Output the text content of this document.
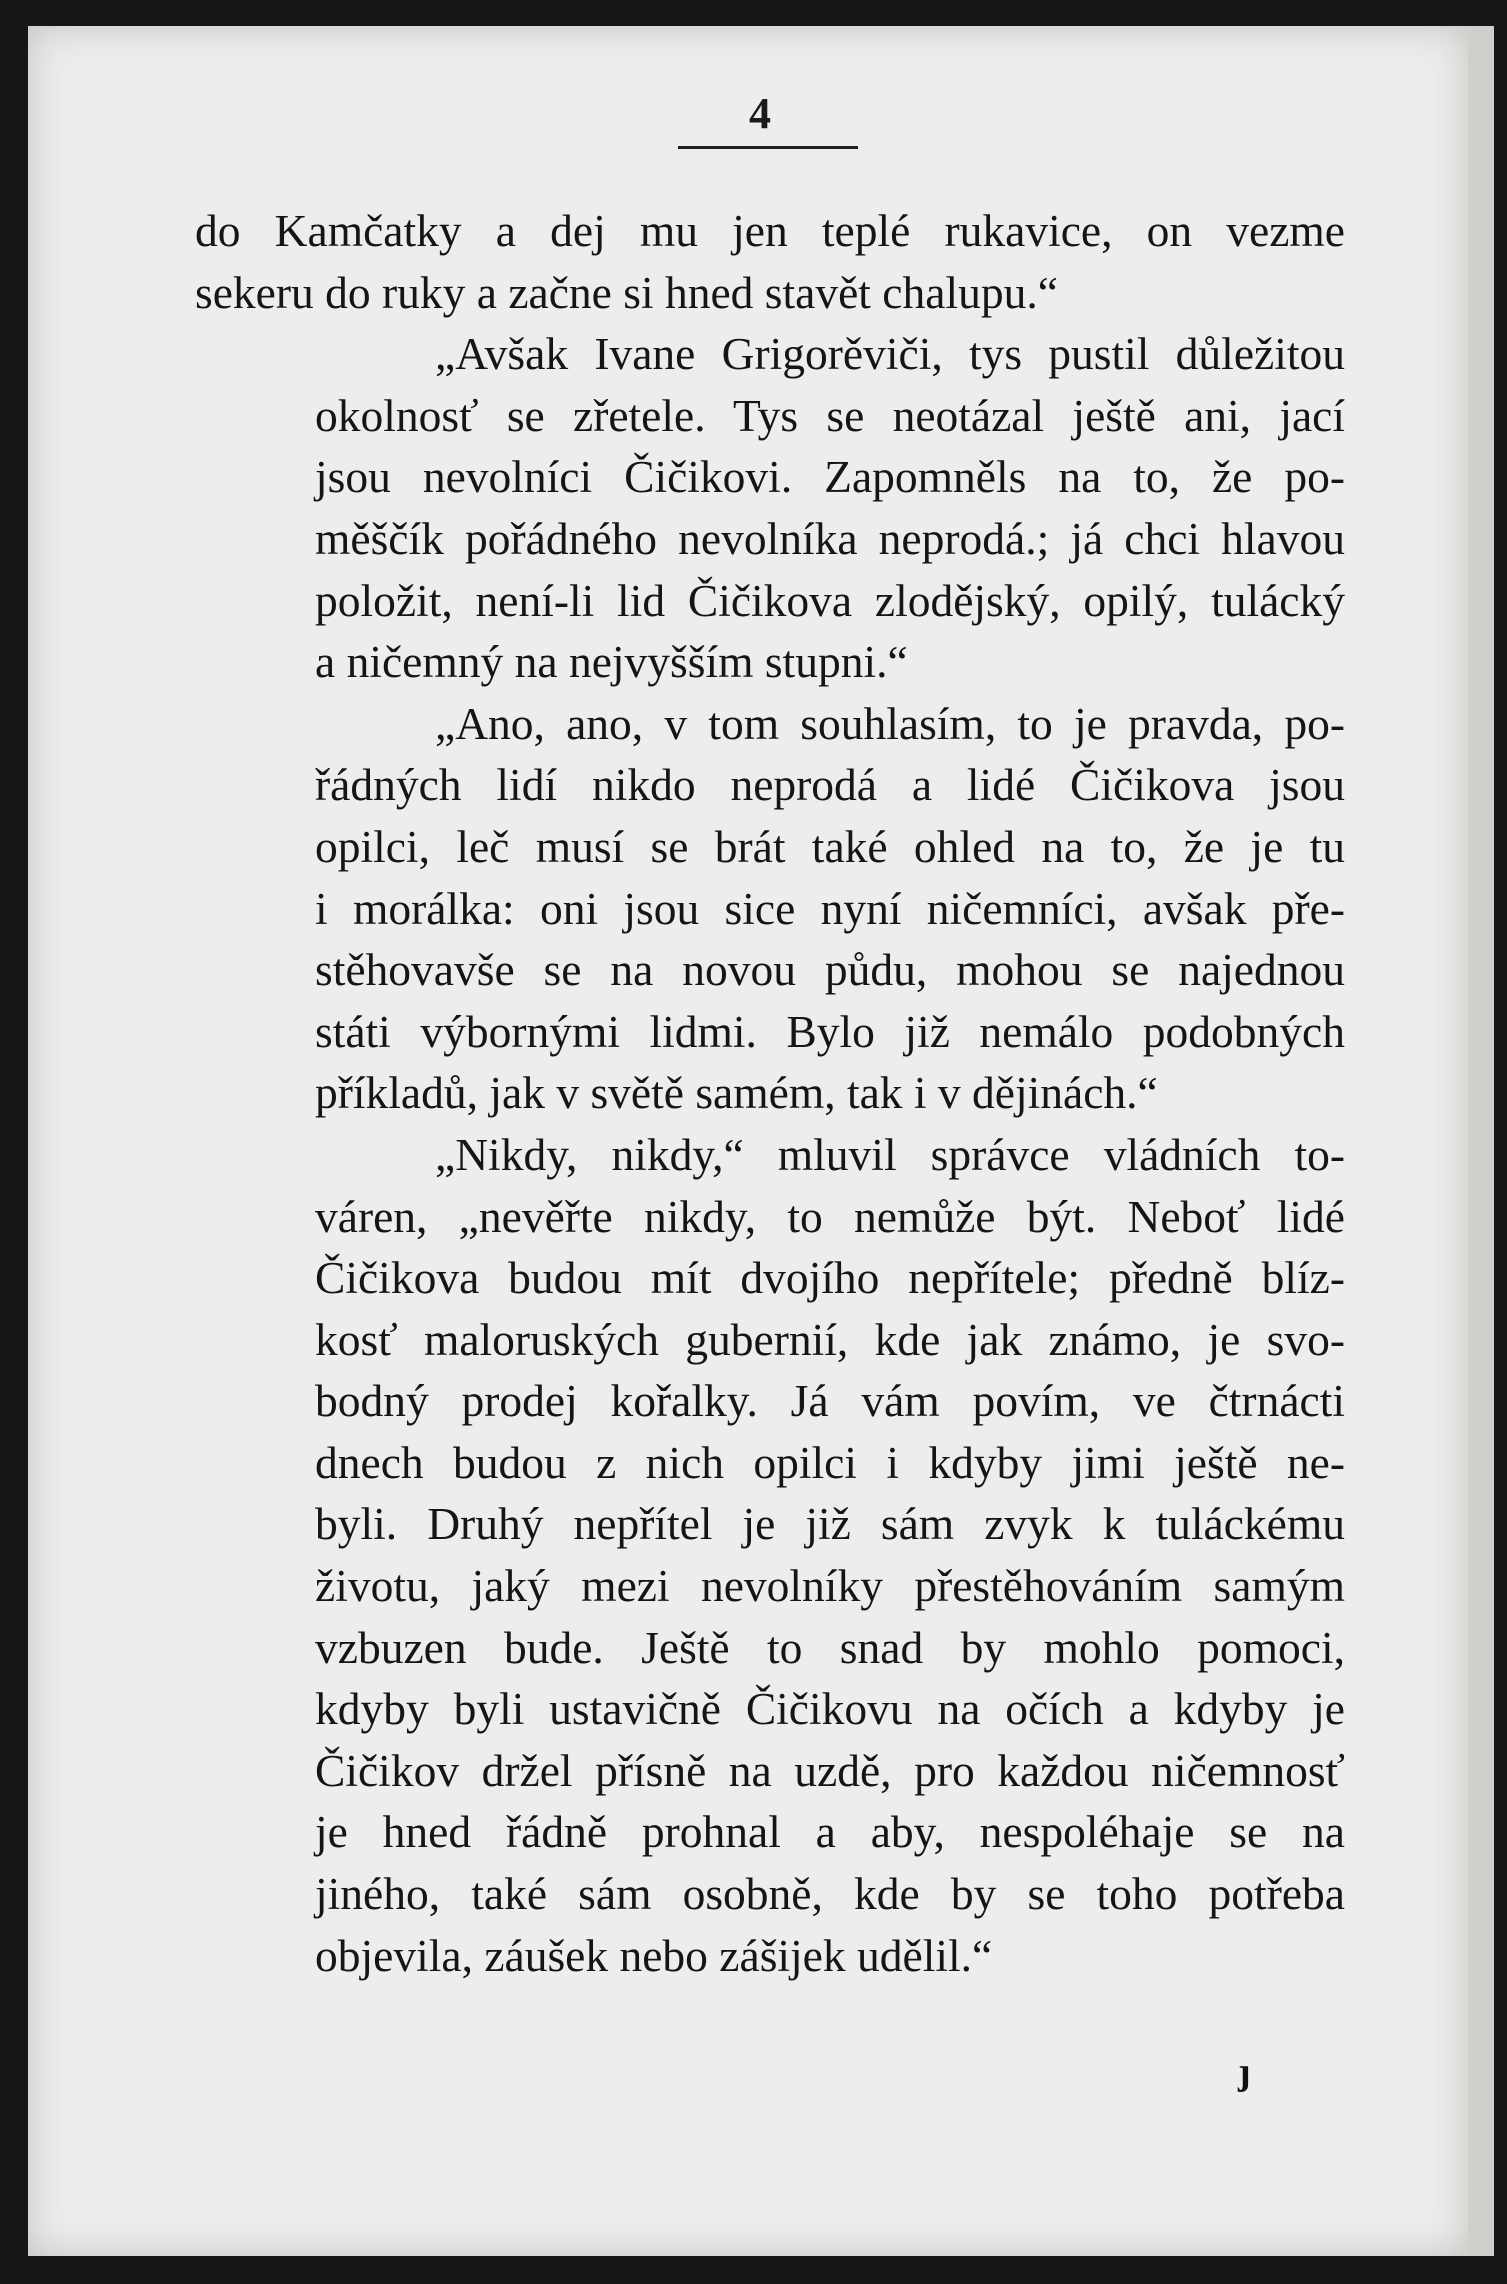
4
do Kamčatky a dej mu jen teplé rukavice, on vezme
sekeru do ruky a začne si hned stavět chalupu.“
„Avšak Ivane Grigorěviči, tys pustil důležitou
okolnosť se zřetele. Tys se neotázal ještě ani, jací
jsou nevolníci Čičikovi. Zapomněls na to, že po-
měščík pořádného nevolníka neprodá.; já chci hlavou
položit, není-li lid Čičikova zlodějský, opilý, tulácký
a ničemný na nejvyšším stupni.“
„Ano, ano, v tom souhlasím, to je pravda, po-
řádných lidí nikdo neprodá a lidé Čičikova jsou
opilci, leč musí se brát také ohled na to, že je tu
i morálka: oni jsou sice nyní ničemníci, avšak pře-
stěhovavše se na novou půdu, mohou se najednou
státi výbornými lidmi. Bylo již nemálo podobných
příkladů, jak v světě samém, tak i v dějinách.“
„Nikdy, nikdy,“ mluvil správce vládních to-
váren, „nevěřte nikdy, to nemůže být. Neboť lidé
Čičikova budou mít dvojího nepřítele; předně blíz-
kosť maloruských gubernií, kde jak známo, je svo-
bodný prodej kořalky. Já vám povím, ve čtrnácti
dnech budou z nich opilci i kdyby jimi ještě ne-
byli. Druhý nepřítel je již sám zvyk k tuláckému
životu, jaký mezi nevolníky přestěhováním samým
vzbuzen bude. Ještě to snad by mohlo pomoci,
kdyby byli ustavičně Čičikovu na očích a kdyby je
Čičikov držel přísně na uzdě, pro každou ničemnosť
je hned řádně prohnal a aby, nespoléhaje se na
jiného, také sám osobně, kde by se toho potřeba
objevila, záušek nebo zášijek udělil.“
ȷ
